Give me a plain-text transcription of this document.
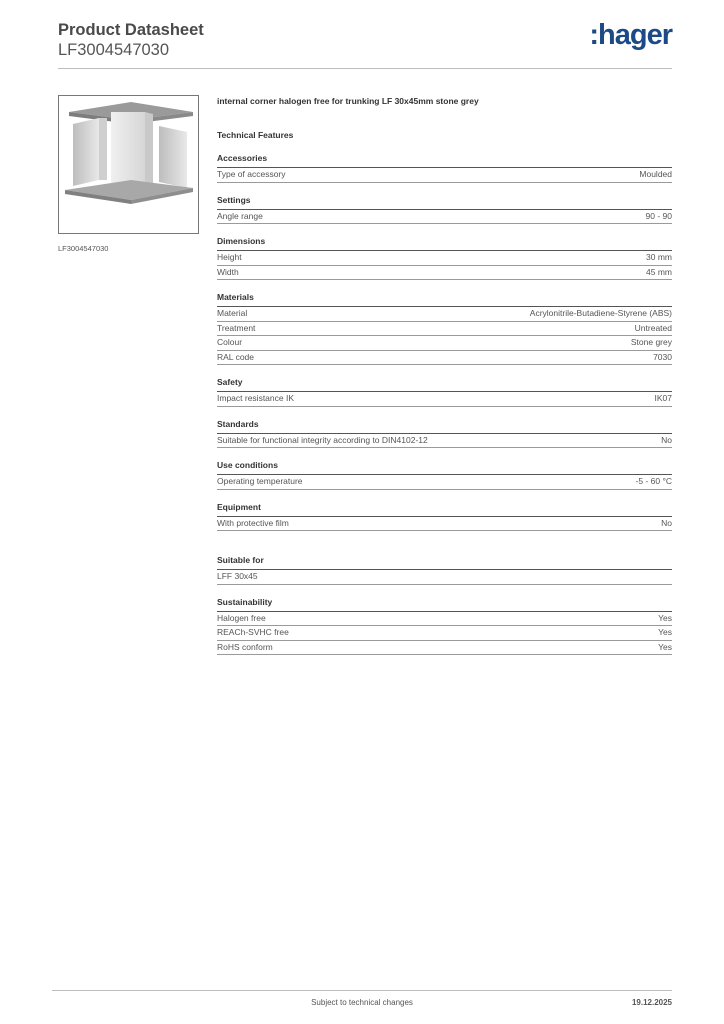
Product Datasheet
LF3004547030	:hager
LF3004547030
internal corner halogen free for trunking LF 30x45mm stone grey
Technical Features
Accessories
Type of accessory	Moulded
Settings
Angle range	90 - 90
Dimensions
Height	30 mm
Width	45 mm
Materials
Material	Acrylonitrile-Butadiene-Styrene (ABS)
Treatment	Untreated
Colour	Stone grey
RAL code	7030
Safety
Impact resistance IK	IK07
Standards
Suitable for functional integrity according to DIN4102-12	No
Use conditions
Operating temperature	-5 - 60 °C
Equipment
With protective film	No
Suitable for
LFF 30x45
Sustainability
Halogen free	Yes
REACh-SVHC free	Yes
RoHS conform	Yes
Subject to technical changes	19.12.2025
